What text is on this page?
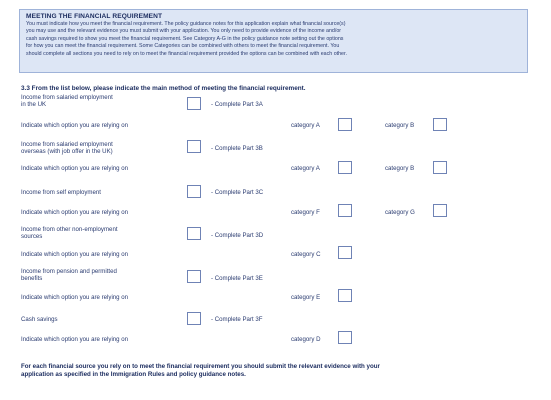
MEETING THE FINANCIAL REQUIREMENT
You must indicate how you meet the financial requirement. The policy guidance notes for this application explain what financial source(s)
you may use and the relevant evidence you must submit with your application. You only need to provide evidence of the income and/or
cash savings required to show you meet the financial requirement. See Category A-G in the policy guidance note setting out the options
for how you can meet the financial requirement. Some Categories can be combined with others to meet the financial requirement. You
should complete all sections you need to rely on to meet the financial requirement provided the options can be combined with each other.
3.3 From the list below, please indicate the main method of meeting the financial requirement.
Income from salaried employment
in the UK	- Complete Part 3A
Indicate which option you are relying on	category A	category B
Income from salaried employment
overseas (with job offer in the UK)	- Complete Part 3B
Indicate which option you are relying on	category A	category B
Income from self employment	- Complete Part 3C
Indicate which option you are relying on	category F	category G
Income from other non-employment
sources	- Complete Part 3D
Indicate which option you are relying on	category C
Income from pension and permitted
benefits	- Complete Part 3E
Indicate which option you are relying on	category E
Cash savings	- Complete Part 3F
Indicate which option you are relying on	category D
For each financial source you rely on to meet the financial requirement you should submit the relevant evidence with your
application as specified in the Immigration Rules and policy guidance notes.
